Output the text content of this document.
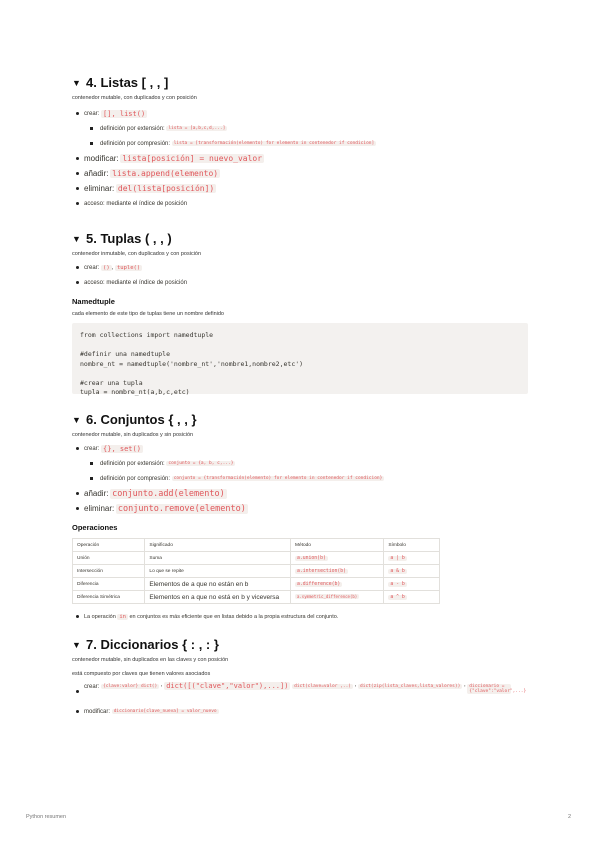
▼ 4. Listas [ , , ]

contenedor mutable, con duplicados y con posición

crear:
[], list()
definición por extensión:
lista = [a,b,c,d,...]
definición por compresión:
lista = [transformación(elemento) for elemento in contenedor if condicion]
modificar:
lista[posición] = nuevo_valor
añadir:
lista.append(elemento)
eliminar:
del(lista[posición])
acceso: mediante el índice de posición
▼ 5. Tuplas ( , , )

contenedor inmutable, con duplicados y con posición

crear:
() , tuple()
acceso: mediante el índice de posición
Namedtuple

cada elemento de este tipo de tuplas tiene un nombre definido

from collections import namedtuple
#definir una namedtuple
nombre_nt = namedtuple('nombre_nt','nombre1,nombre2,etc')
#crear una tupla
tupla = nombre_nt(a,b,c,etc)
▼ 6. Conjuntos { , , }

contenedor mutable, sin duplicados y sin posición

crear:
{}, set()
definición por extensión:
conjunto = {a, b, c,...}
definición por compresión:
conjunto = {transformación(elemento) for elemento in contenedor if condicion}
añadir:
conjunto.add(elemento)
eliminar:
conjunto.remove(elemento)
Operaciones
Operación	Significado	Método	Símbolo
Unión	Suma	a.union(b)	a | b
Intersección	Lo que se repite	a.intersection(b)	a & b
Diferencia	Elementos de a que no están en b	a.difference(b)	a - b
Diferencia Simétrica	Elementos en a que no está en b y viceversa	a.symmetric_difference(b)	a ^ b
La operación
in
en conjuntos es más eficiente que en listas debido a la propia estructura del conjunto.
▼ 7. Diccionarios { : , : }

contenedor mutable, sin duplicados en las claves y con posición

está compuesto por claves que tienen valores asociados

crear:
{clave:valor} dict() , dict([("clave","valor"),...])
	dict(clave=valor ,..) , dict(zip(lista_claves,lista_valores)) , diccionario = {"clave":"valor",...}
modificar:
diccionario[clave_nueva] = valor_nuevo
Python resumen	2
